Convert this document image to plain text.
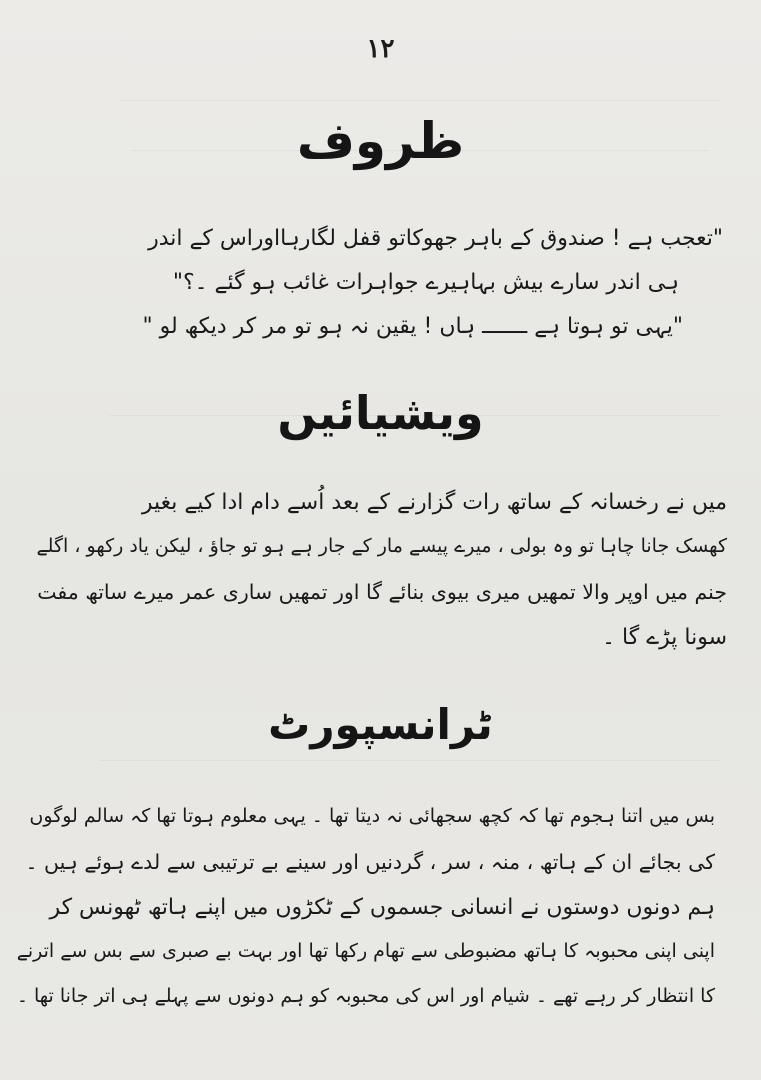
۱۲
ظروف
"تعجب ہے ! صندوق کے باہر جھوکاتو قفل لگارہااوراس کے اندر
ہی اندر سارے بیش بہاہیرے جواہرات غائب ہو گئے ۔؟"
"یہی تو ہوتا ہے ـــــــ ہاں ! یقین نہ ہو تو مر کر دیکھ لو "
ویشیائیں
میں نے رخسانہ کے ساتھ رات گزارنے کے بعد اُسے دام ادا کیے بغیر
کھسک جانا چاہا تو وہ بولی ، میرے پیسے مار کے جار ہے ہو تو جاؤ ، لیکن یاد رکھو ، اگلے
جنم میں اوپر والا تمھیں میری بیوی بنائے گا اور تمھیں ساری عمر میرے ساتھ مفت
سونا پڑے گا ۔
ٹرانسپورٹ
بس میں اتنا ہجوم تھا کہ کچھ سجھائی نہ دیتا تھا ۔ یہی معلوم ہوتا تھا کہ سالم لوگوں
کی بجائے ان کے ہاتھ ، منہ ، سر ، گردنیں اور سینے بے ترتیبی سے لدے ہوئے ہیں ۔
ہم دونوں دوستوں نے انسانی جسموں کے ٹکڑوں میں اپنے ہاتھ ٹھونس کر
اپنی اپنی محبوبہ کا ہاتھ مضبوطی سے تھام رکھا تھا اور بہت بے صبری سے بس سے اترنے
کا انتظار کر رہے تھے ۔ شیام اور اس کی محبوبہ کو ہم دونوں سے پہلے ہی اتر جانا تھا ۔
